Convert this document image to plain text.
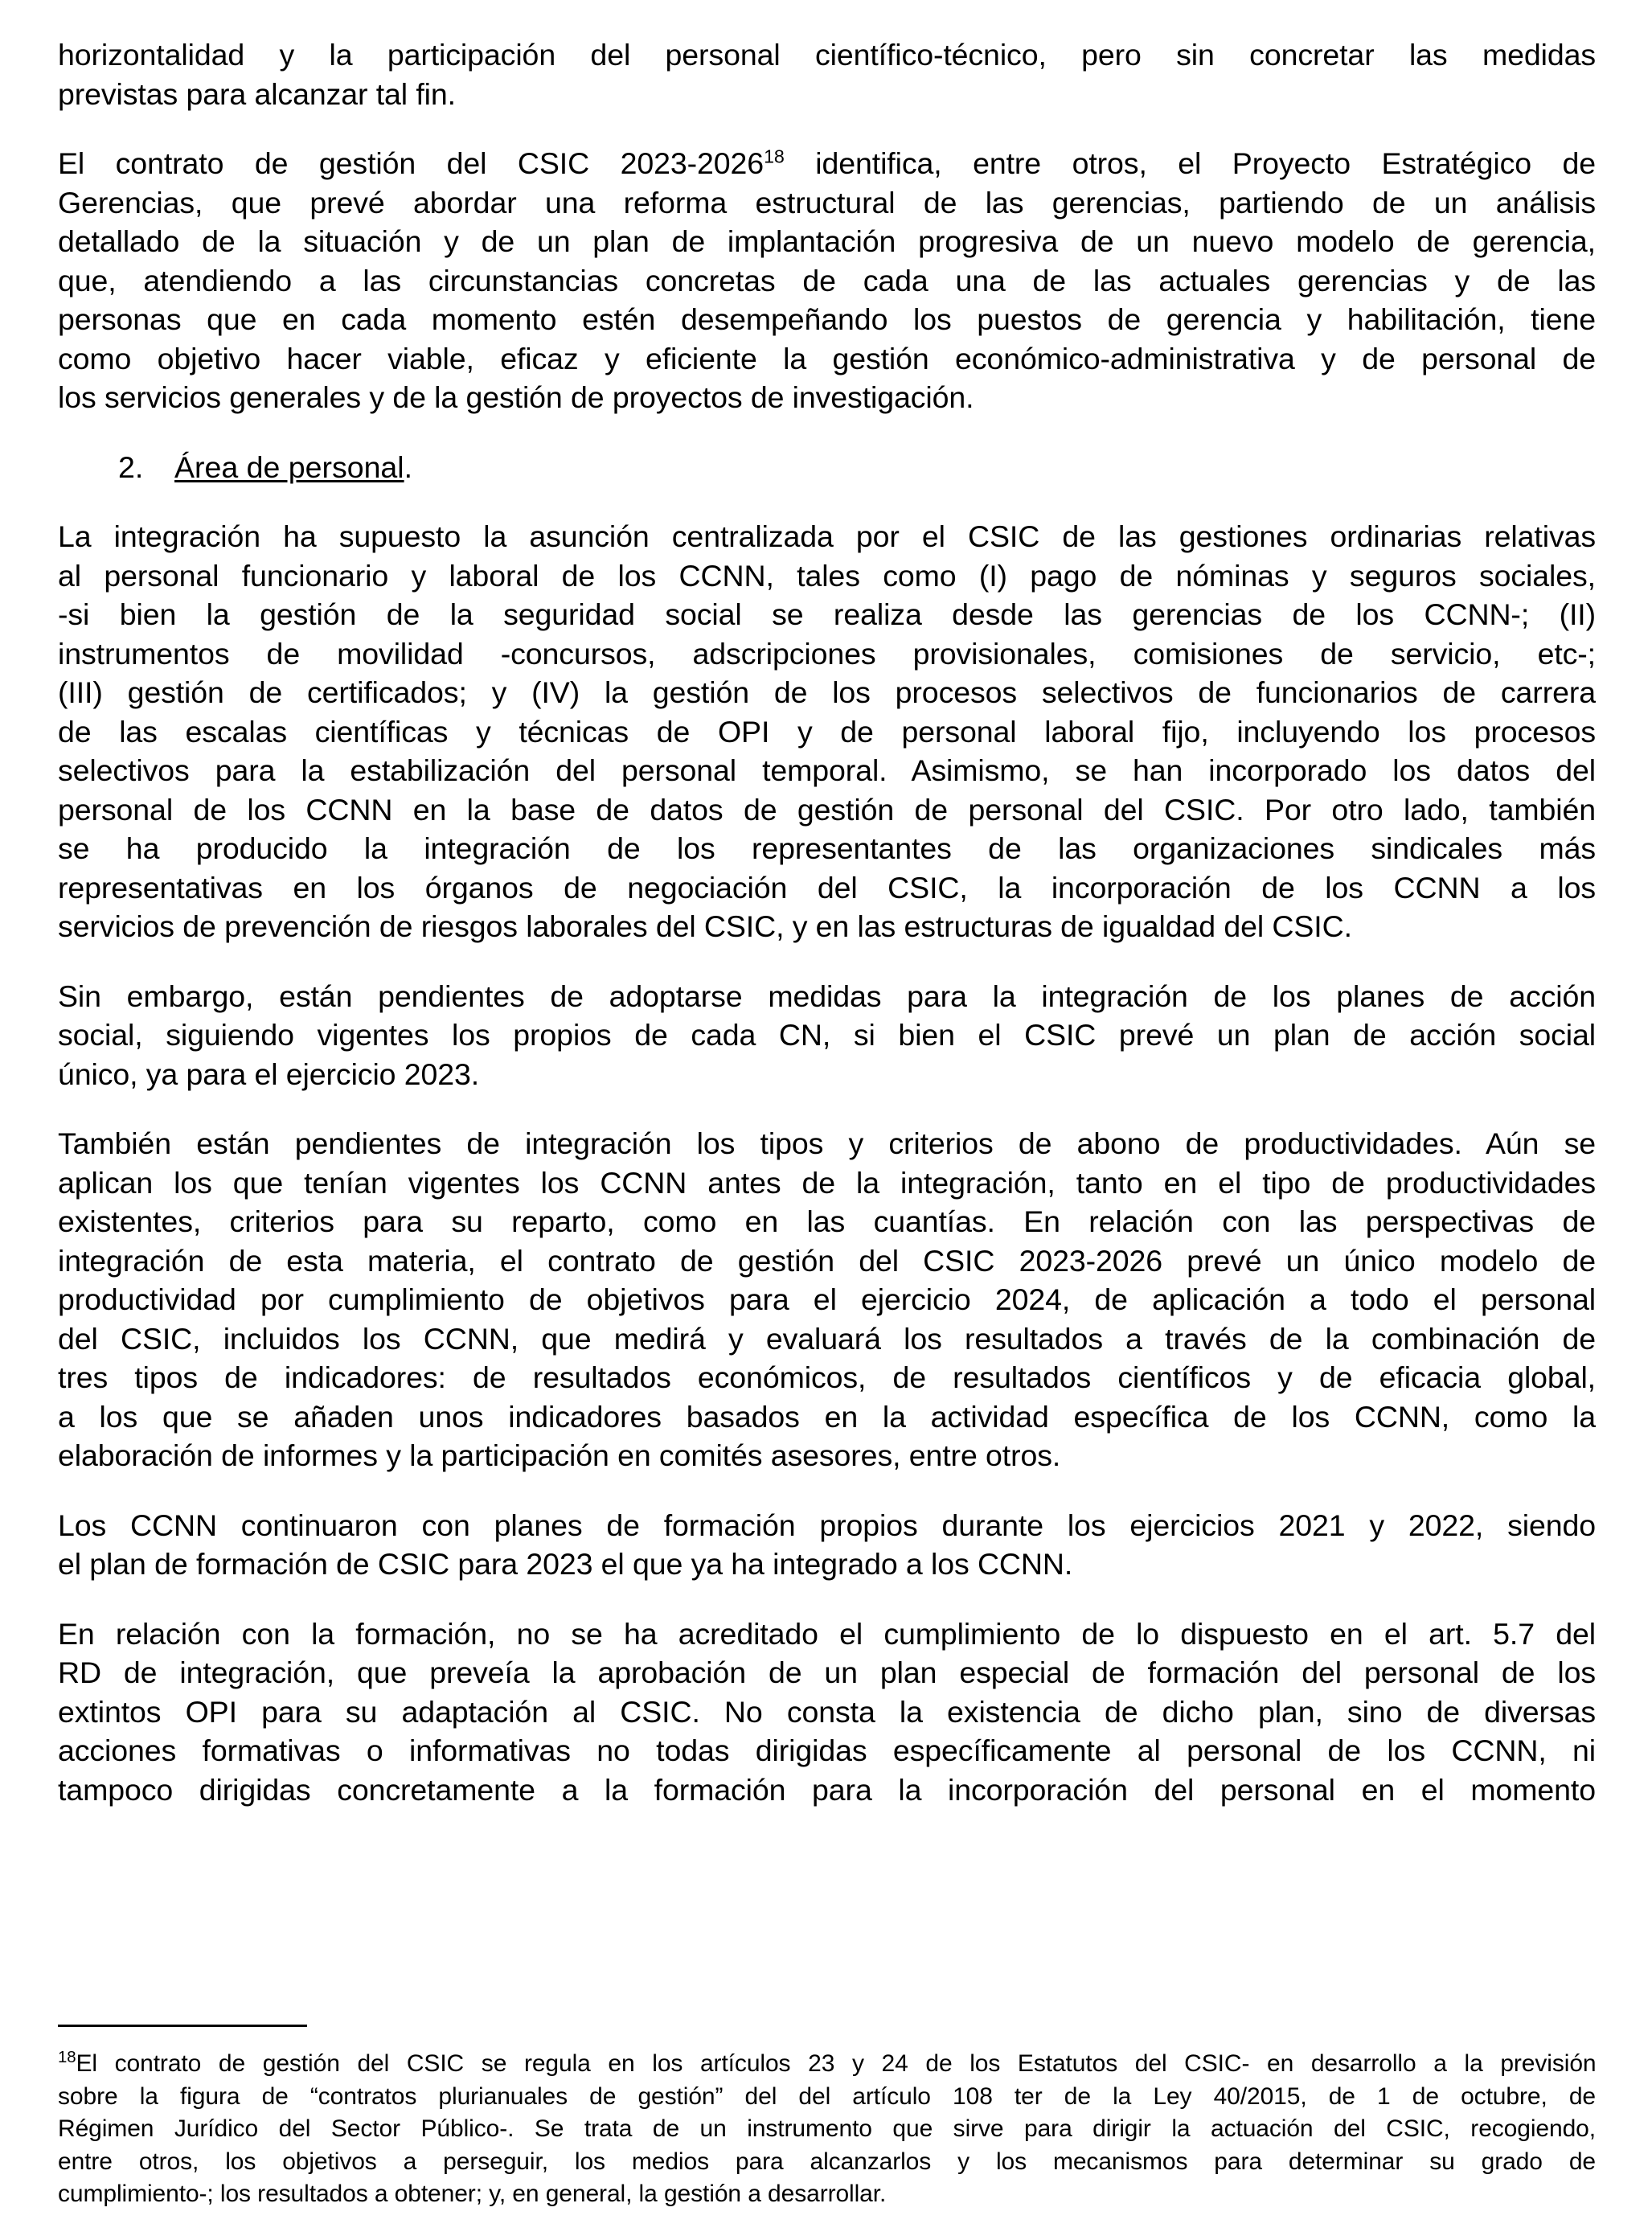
horizontalidad y la participación del personal científico-técnico, pero sin concretar las medidas
previstas para alcanzar tal fin.

El contrato de gestión del CSIC 2023-2026$^{18}$ identifica, entre otros, el Proyecto Estratégico de
Gerencias, que prevé abordar una reforma estructural de las gerencias, partiendo de un análisis
detallado de la situación y de un plan de implantación progresiva de un nuevo modelo de gerencia,
que, atendiendo a las circunstancias concretas de cada una de las actuales gerencias y de las
personas que en cada momento estén desempeñando los puestos de gerencia y habilitación, tiene
como objetivo hacer viable, eficaz y eficiente la gestión económico-administrativa y de personal de
los servicios generales y de la gestión de proyectos de investigación.

2. Área de personal.

La integración ha supuesto la asunción centralizada por el CSIC de las gestiones ordinarias relativas
al personal funcionario y laboral de los CCNN, tales como (I) pago de nóminas y seguros sociales,
-si bien la gestión de la seguridad social se realiza desde las gerencias de los CCNN-; (II)
instrumentos de movilidad -concursos, adscripciones provisionales, comisiones de servicio, etc-;
(III) gestión de certificados; y (IV) la gestión de los procesos selectivos de funcionarios de carrera
de las escalas científicas y técnicas de OPI y de personal laboral fijo, incluyendo los procesos
selectivos para la estabilización del personal temporal. Asimismo, se han incorporado los datos del
personal de los CCNN en la base de datos de gestión de personal del CSIC. Por otro lado, también
se ha producido la integración de los representantes de las organizaciones sindicales más
representativas en los órganos de negociación del CSIC, la incorporación de los CCNN a los
servicios de prevención de riesgos laborales del CSIC, y en las estructuras de igualdad del CSIC.

Sin embargo, están pendientes de adoptarse medidas para la integración de los planes de acción
social, siguiendo vigentes los propios de cada CN, si bien el CSIC prevé un plan de acción social
único, ya para el ejercicio 2023.

También están pendientes de integración los tipos y criterios de abono de productividades. Aún se
aplican los que tenían vigentes los CCNN antes de la integración, tanto en el tipo de productividades
existentes, criterios para su reparto, como en las cuantías. En relación con las perspectivas de
integración de esta materia, el contrato de gestión del CSIC 2023-2026 prevé un único modelo de
productividad por cumplimiento de objetivos para el ejercicio 2024, de aplicación a todo el personal
del CSIC, incluidos los CCNN, que medirá y evaluará los resultados a través de la combinación de
tres tipos de indicadores: de resultados económicos, de resultados científicos y de eficacia global,
a los que se añaden unos indicadores basados en la actividad específica de los CCNN, como la
elaboración de informes y la participación en comités asesores, entre otros.

Los CCNN continuaron con planes de formación propios durante los ejercicios 2021 y 2022, siendo
el plan de formación de CSIC para 2023 el que ya ha integrado a los CCNN.

En relación con la formación, no se ha acreditado el cumplimiento de lo dispuesto en el art. 5.7 del
RD de integración, que preveía la aprobación de un plan especial de formación del personal de los
extintos OPI para su adaptación al CSIC. No consta la existencia de dicho plan, sino de diversas
acciones formativas o informativas no todas dirigidas específicamente al personal de los CCNN, ni
tampoco dirigidas concretamente a la formación para la incorporación del personal en el momento

$^{18}$El contrato de gestión del CSIC se regula en los artículos 23 y 24 de los Estatutos del CSIC- en desarrollo a la previsión
sobre la figura de “contratos plurianuales de gestión” del del artículo 108 ter de la Ley 40/2015, de 1 de octubre, de
Régimen Jurídico del Sector Público-. Se trata de un instrumento que sirve para dirigir la actuación del CSIC, recogiendo,
entre otros, los objetivos a perseguir, los medios para alcanzarlos y los mecanismos para determinar su grado de
cumplimiento-; los resultados a obtener; y, en general, la gestión a desarrollar.
